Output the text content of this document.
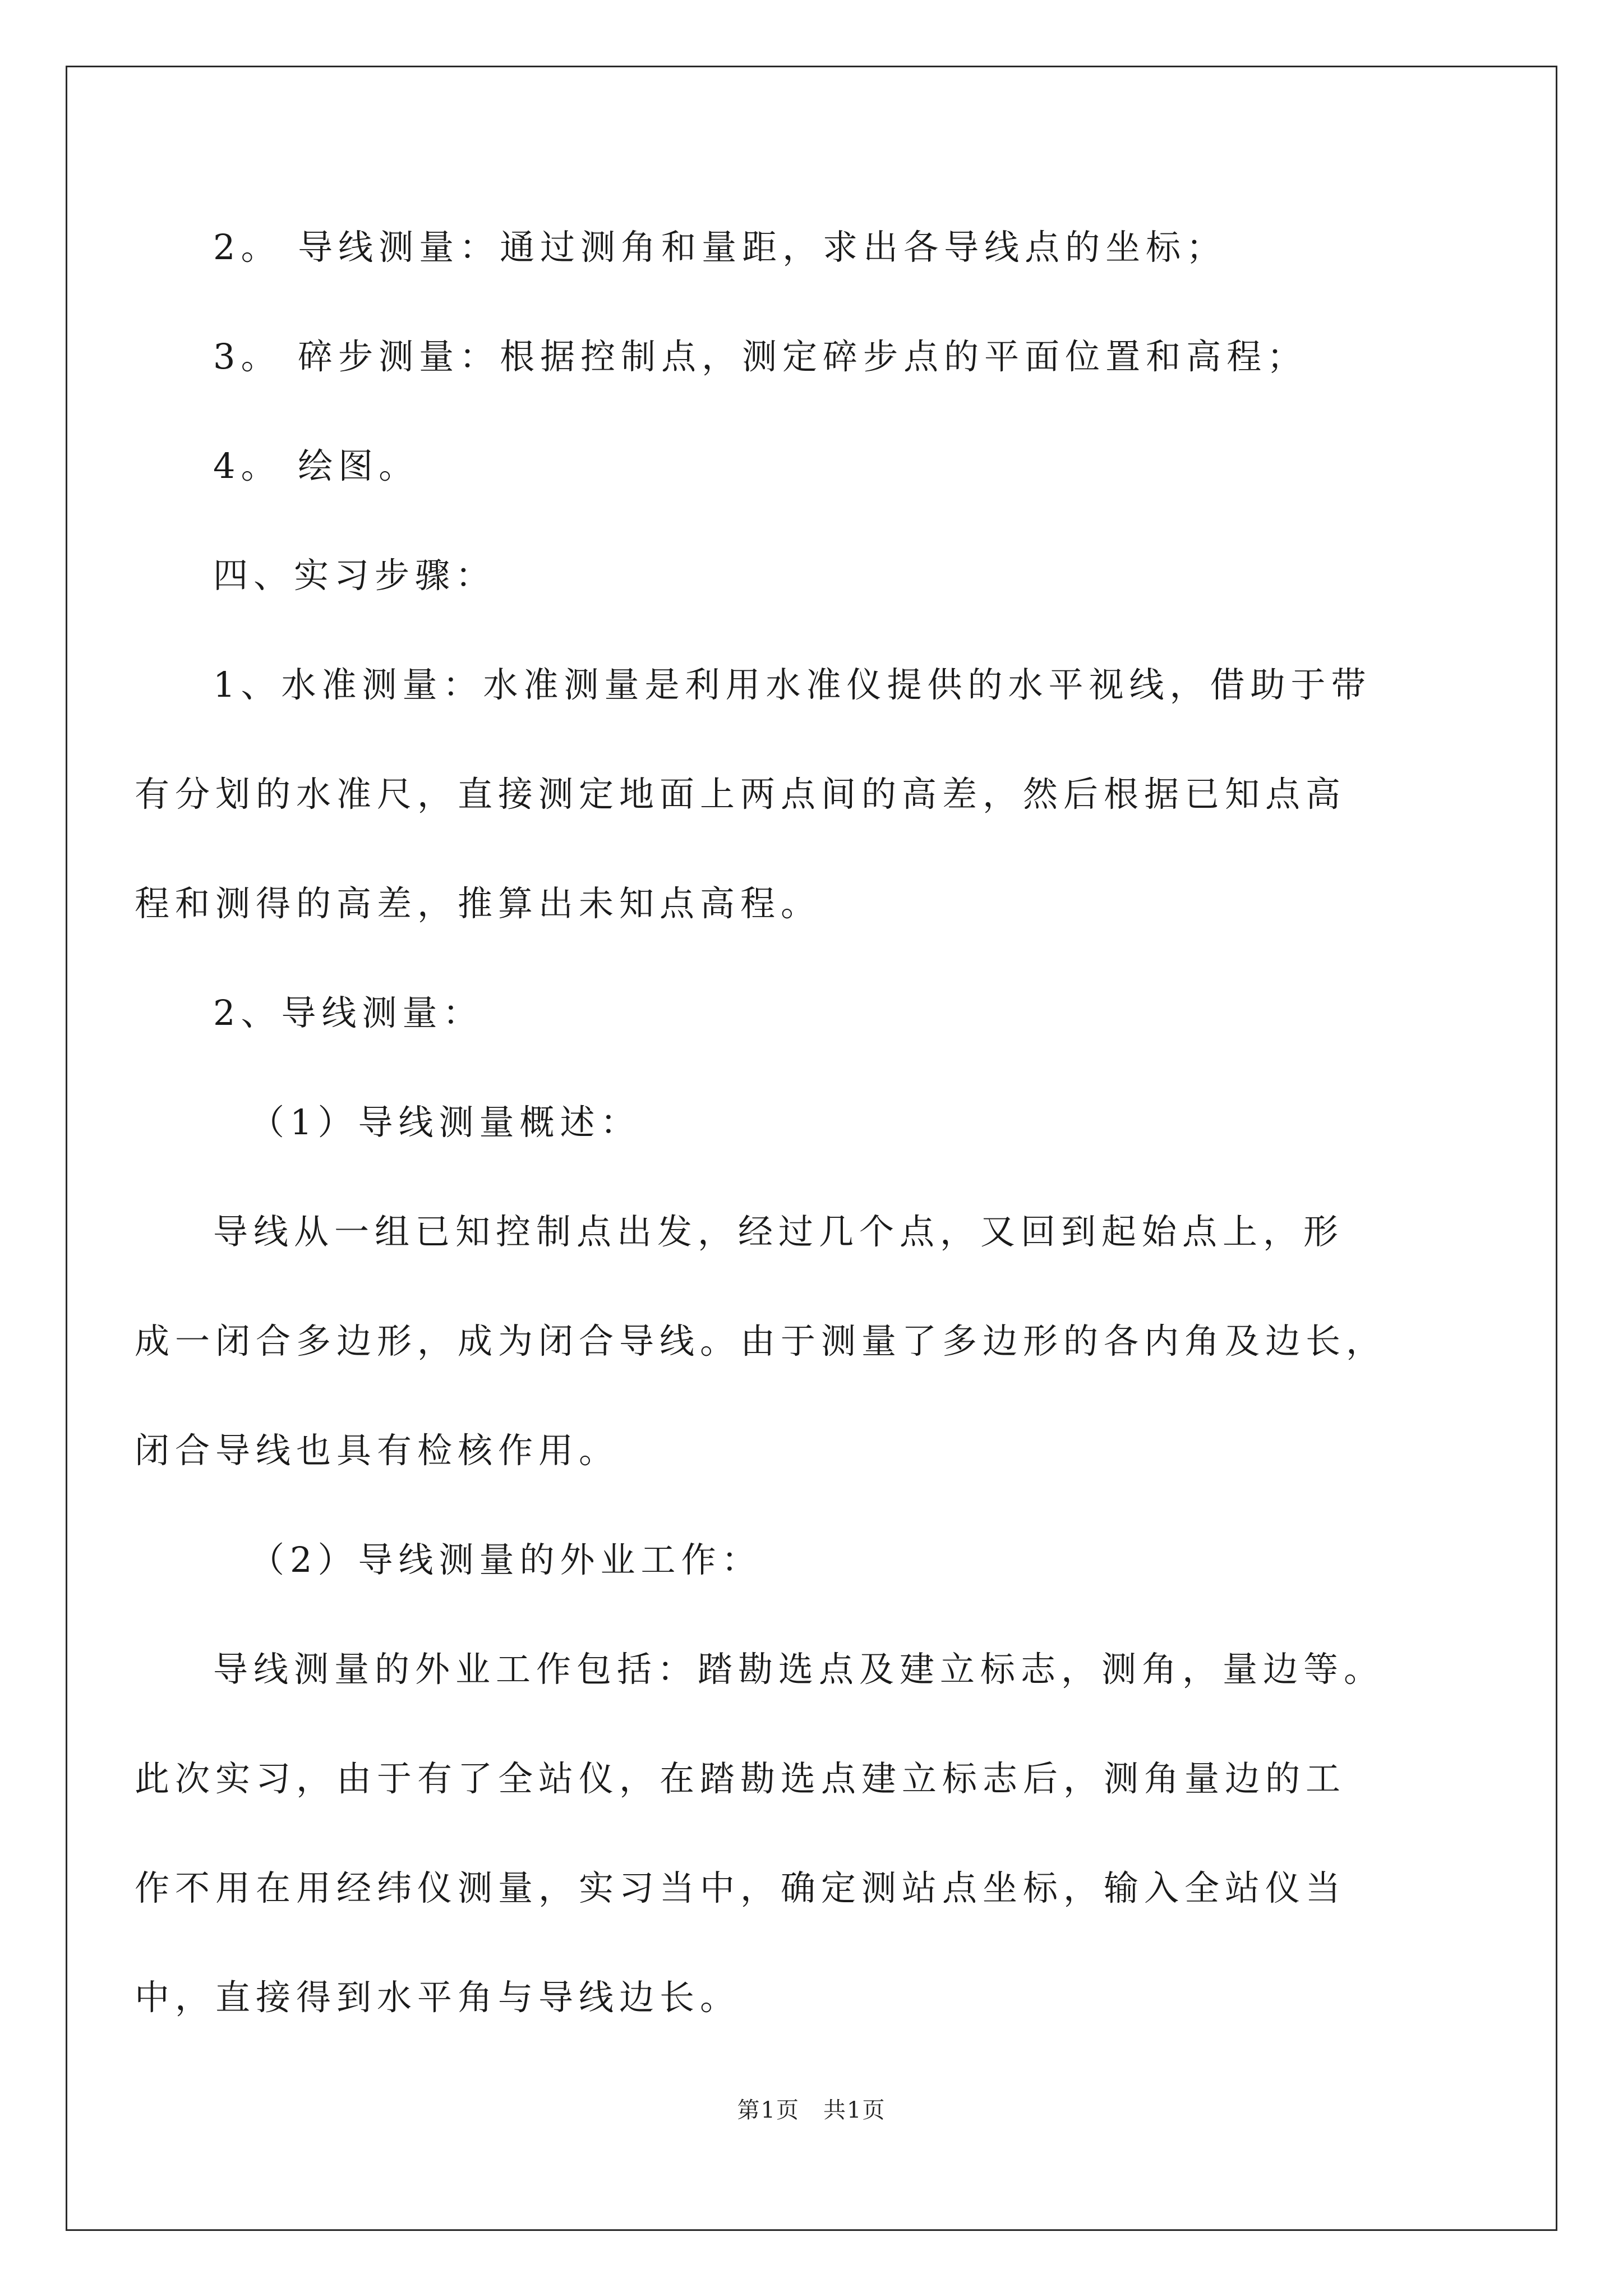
2。 导线测量：通过测角和量距，求出各导线点的坐标；
3。 碎步测量：根据控制点，测定碎步点的平面位置和高程；
4。 绘图。
四、实习步骤：
1、水准测量：水准测量是利用水准仪提供的水平视线，借助于带
有分划的水准尺，直接测定地面上两点间的高差，然后根据已知点高
程和测得的高差，推算出未知点高程。
2、导线测量：
（1）导线测量概述：
导线从一组已知控制点出发，经过几个点，又回到起始点上，形
成一闭合多边形，成为闭合导线。由于测量了多边形的各内角及边长，
闭合导线也具有检核作用。
（2）导线测量的外业工作：
导线测量的外业工作包括：踏勘选点及建立标志，测角，量边等。
此次实习，由于有了全站仪，在踏勘选点建立标志后，测角量边的工
作不用在用经纬仪测量，实习当中，确定测站点坐标，输入全站仪当
中，直接得到水平角与导线边长。
第1页　共1页
